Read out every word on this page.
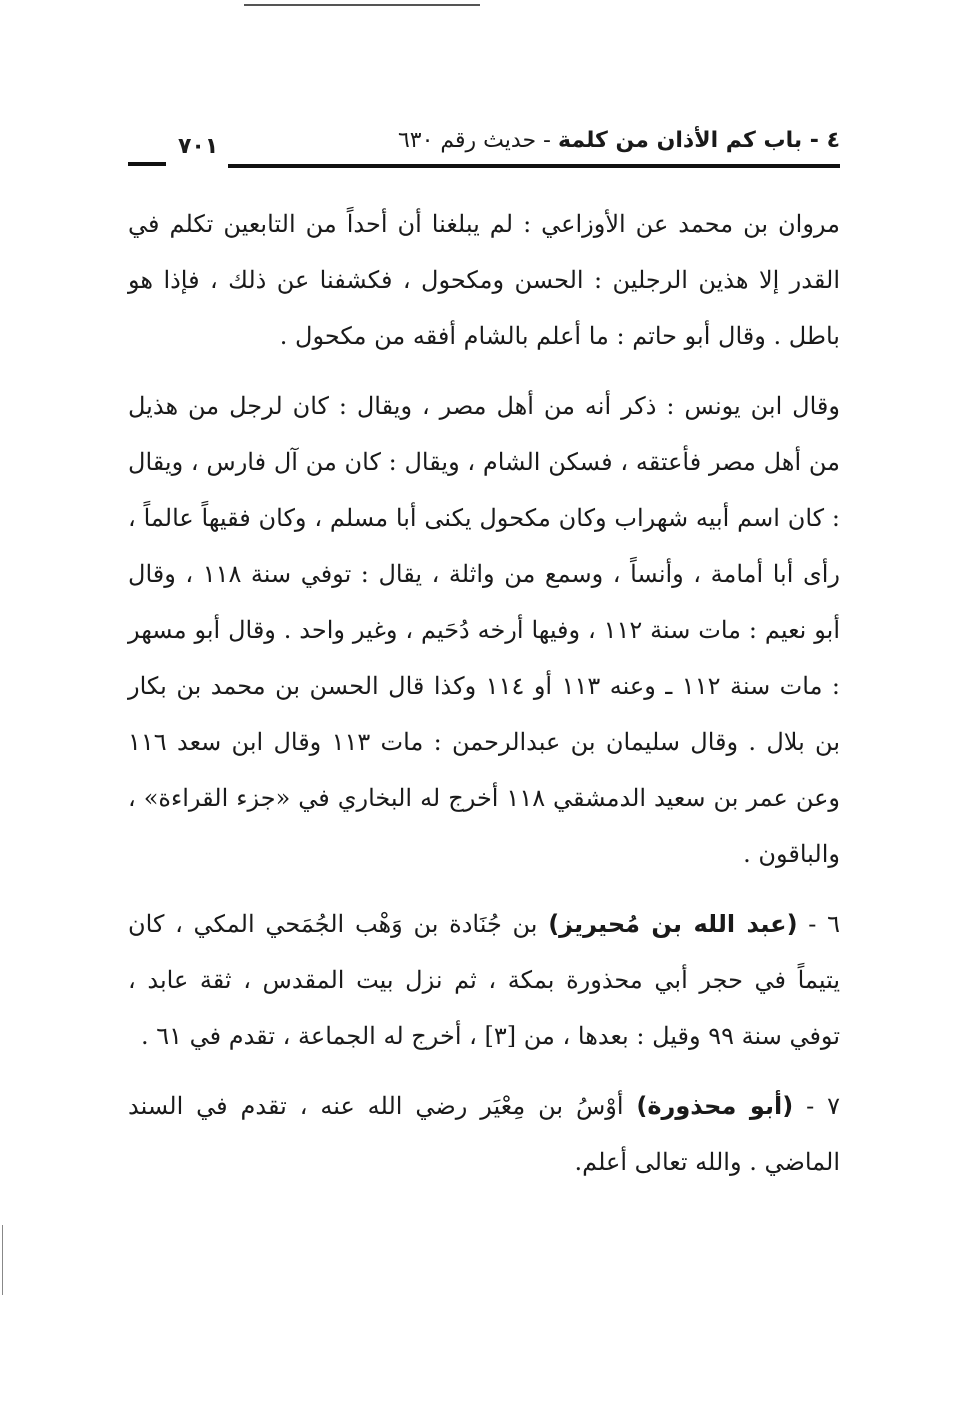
٤ - باب كم الأذان من كلمة - حديث رقم ٦٣٠
٧٠١

مروان بن محمد عن الأوزاعي : لم يبلغنا أن أحداً من التابعين تكلم في القدر إلا هذين الرجلين : الحسن ومكحول ، فكشفنا عن ذلك ، فإذا هو باطل . وقال أبو حاتم : ما أعلم بالشام أفقه من مكحول .

وقال ابن يونس : ذكر أنه من أهل مصر ، ويقال : كان لرجل من هذيل من أهل مصر فأعتقه ، فسكن الشام ، ويقال : كان من آل فارس ، ويقال : كان اسم أبيه شهراب وكان مكحول يكنى أبا مسلم ، وكان فقيهاً عالماً ، رأى أبا أمامة ، وأنساً ، وسمع من واثلة ، يقال : توفي سنة ١١٨ ، وقال أبو نعيم : مات سنة ١١٢ ، وفيها أرخه دُحَيم ، وغير واحد . وقال أبو مسهر : مات سنة ١١٢ ـ وعنه ١١٣ أو ١١٤ وكذا قال الحسن بن محمد بن بكار بن بلال . وقال سليمان بن عبدالرحمن : مات ١١٣ وقال ابن سعد ١١٦ وعن عمر بن سعيد الدمشقي ١١٨ أخرج له البخاري في «جزء القراءة» ، والباقون .

٦ - (عبد الله بن مُحيريز) بن جُنَادة بن وَهْب الجُمَحي المكي ، كان يتيماً في حجر أبي محذورة بمكة ، ثم نزل بيت المقدس ، ثقة عابد ، توفي سنة ٩٩ وقيل : بعدها ، من [٣] ، أخرج له الجماعة ، تقدم في ٦١ .

٧ - (أبو محذورة) أوْسُ بن مِعْيَر رضي الله عنه ، تقدم في السند الماضي . والله تعالى أعلم.
